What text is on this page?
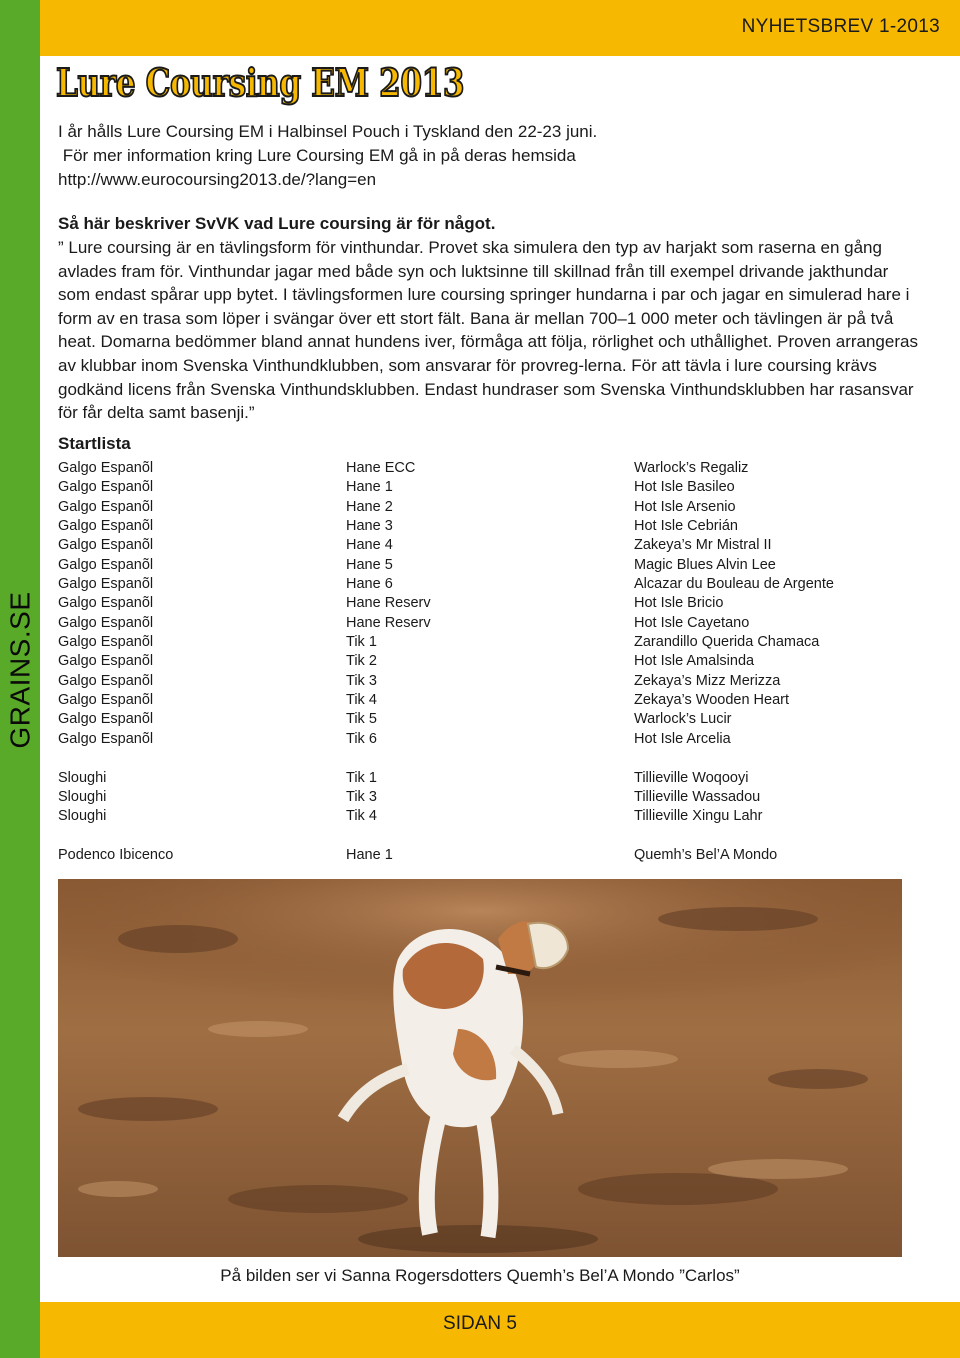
GRAINS.SE
NYHETSBREV 1-2013
Lure Coursing EM 2013

I år hålls Lure Coursing EM i Halbinsel Pouch i Tyskland den 22-23 juni.

För mer information kring Lure Coursing EM gå in på deras hemsida

http://www.eurocoursing2013.de/?lang=en

Så här beskriver SvVK vad Lure coursing är för något.
” Lure coursing är en tävlingsform för vinthundar. Provet ska simulera den typ av harjakt som raserna en gång avlades fram för. Vinthundar jagar med både syn och luktsinne till skillnad från till exempel drivande jakthundar som endast spårar upp bytet. I tävlingsformen lure coursing springer hundarna i par och jagar en simulerad hare i form av en trasa som löper i svängar över ett stort fält. Bana är mellan 700–1 000 meter och tävlingen är på två heat. Domarna bedömmer bland annat hundens iver, förmåga att följa, rörlighet och uthållighet. Proven arrangeras av klubbar inom Svenska Vinthundklubben, som ansvarar för provreg-lerna. För att tävla i lure coursing krävs godkänd licens från Svenska Vinthundsklubben. Endast hundraser som Svenska Vinthundsklubben har rasansvar för får delta samt basenji.”
Startlista
Galgo Espanõl	Hane ECC	Warlock’s Regaliz
Galgo Espanõl	Hane 1	Hot Isle Basileo
Galgo Espanõl	Hane 2	Hot Isle Arsenio
Galgo Espanõl	Hane 3	Hot Isle Cebrián
Galgo Espanõl	Hane 4	Zakeya’s Mr Mistral II
Galgo Espanõl	Hane 5	Magic Blues Alvin Lee
Galgo Espanõl	Hane 6	Alcazar du Bouleau de Argente
Galgo Espanõl	Hane Reserv	Hot Isle Bricio
Galgo Espanõl	Hane Reserv	Hot Isle Cayetano
Galgo Espanõl	Tik 1	Zarandillo Querida Chamaca
Galgo Espanõl	Tik 2	Hot Isle Amalsinda
Galgo Espanõl	Tik 3	Zekaya’s Mizz Merizza
Galgo Espanõl	Tik 4	Zekaya’s Wooden Heart
Galgo Espanõl	Tik 5	Warlock’s Lucir
Galgo Espanõl	Tik 6	Hot Isle Arcelia
Sloughi	Tik 1	Tillieville Woqooyi
Sloughi	Tik 3	Tillieville Wassadou
Sloughi	Tik 4	Tillieville Xingu Lahr
Podenco Ibicenco	Hane 1	Quemh’s Bel’A Mondo
På bilden ser vi Sanna Rogersdotters Quemh’s Bel’A Mondo ”Carlos”
SIDAN 5
